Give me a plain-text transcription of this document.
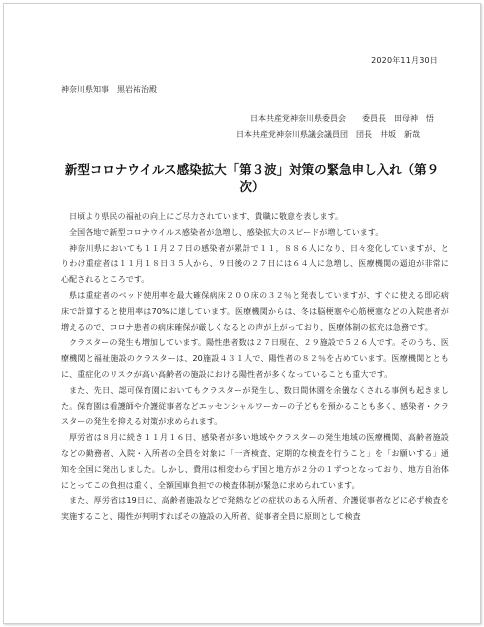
2020年11月30日
神奈川県知事　黒岩祐治殿
日本共産党神奈川県委員会　　委員長　田母神　悟
日本共産党神奈川県議会議員団　団長　井坂　新哉
新型コロナウイルス感染拡大「第３波」対策の緊急申し入れ（第９次）

日頃より県民の福祉の向上にご尽力されています、貴職に敬意を表します。

全国各地で新型コロナウイルス感染者が急増し、感染拡大のスピードが増しています。

神奈川県においても１１月２７日の感染者が累計で１１，８８６人になり、日々変化していますが、とりわけ重症者は１１月１８日３５人から、９日後の２７日には６４人に急増し、医療機関の逼迫が非常に心配されるところです。

県は重症者のベッド使用率を最大確保病床２００床の３２％と発表していますが、すぐに使える即応病床で計算すると使用率は70%に達しています。医療機関からは、冬は脳梗塞や心筋梗塞などの入院患者が増えるので、コロナ患者の病床確保が厳しくなるとの声が上がっており、医療体制の拡充は急務です。

クラスターの発生も増加しています。陽性患者数は２７日現在、２９施設で５２６人です。そのうち、医療機関と福祉施設のクラスターは、20施設４３１人で、陽性者の８２％を占めています。医療機関とともに、重症化のリスクが高い高齢者の施設における陽性者が多くなっていることも重大です。

また、先日、認可保育園においてもクラスターが発生し、数日間休園を余儀なくされる事例も起きました。保育園は看護師や介護従事者などエッセンシャルワーカーの子どもを預かることも多く、感染者・クラスターの発生を抑える対策が求められます。

厚労省は８月に続き１１月１６日、感染者が多い地域やクラスターの発生地域の医療機関、高齢者施設などの勤務者、入院・入所者の全員を対象に「一斉検査、定期的な検査を行うこと」を「お願いする」通知を全国に発出しました。しかし、費用は相変わらず国と地方が２分の１ずつとなっており、地方自治体にとってこの負担は重く、全額国庫負担での検査体制が緊急に求められています。

また、厚労省は19日に、高齢者施設などで発熱などの症状のある入所者、介護従事者などに必ず検査を実施すること、陽性が判明すればその施設の入所者、従事者全員に原則として検査
